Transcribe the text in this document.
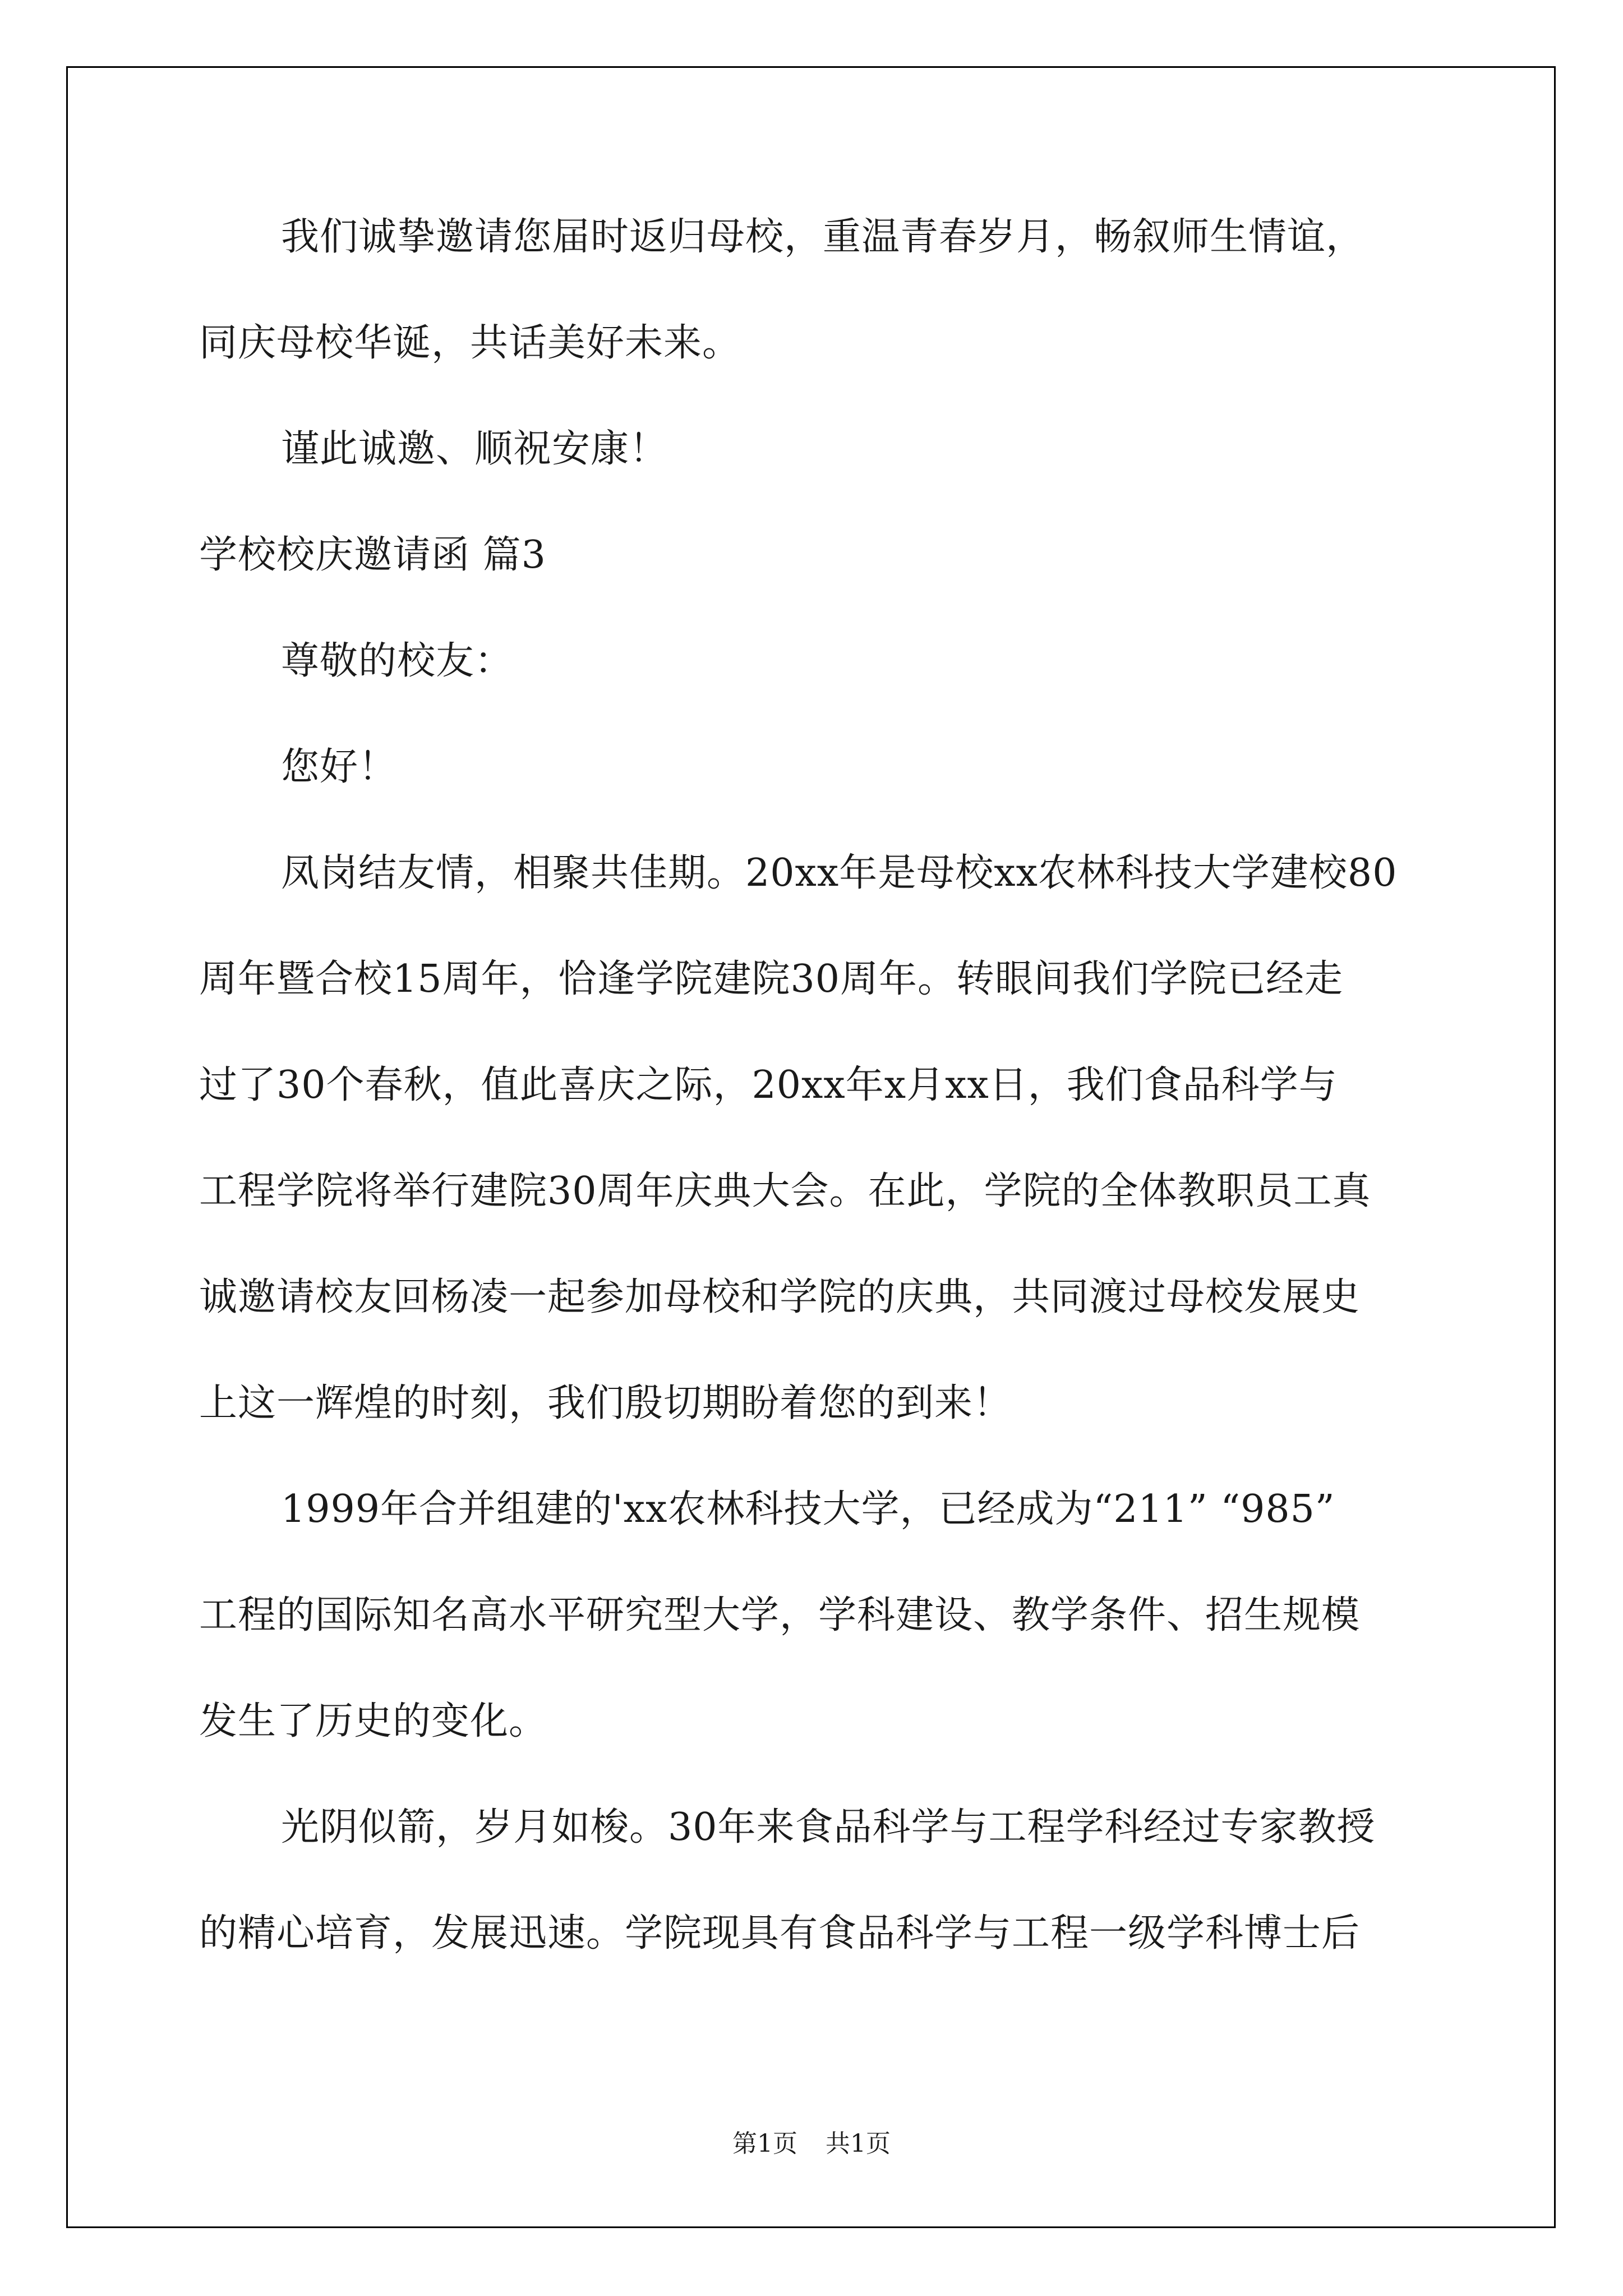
我们诚挚邀请您届时返归母校，重温青春岁月，畅叙师生情谊，
同庆母校华诞，共话美好未来。
谨此诚邀、顺祝安康！
学校校庆邀请函 篇3
尊敬的校友：
您好！
凤岗结友情，相聚共佳期。20xx年是母校xx农林科技大学建校80
周年暨合校15周年，恰逢学院建院30周年。转眼间我们学院已经走
过了30个春秋，值此喜庆之际，20xx年x月xx日，我们食品科学与
工程学院将举行建院30周年庆典大会。在此，学院的全体教职员工真
诚邀请校友回杨凌一起参加母校和学院的庆典，共同渡过母校发展史
上这一辉煌的时刻，我们殷切期盼着您的到来！
1999年合并组建的'xx农林科技大学，已经成为“211” “985”
工程的国际知名高水平研究型大学，学科建设、教学条件、招生规模
发生了历史的变化。
光阴似箭，岁月如梭。30年来食品科学与工程学科经过专家教授
的精心培育，发展迅速。学院现具有食品科学与工程一级学科博士后
第1页 共1页
